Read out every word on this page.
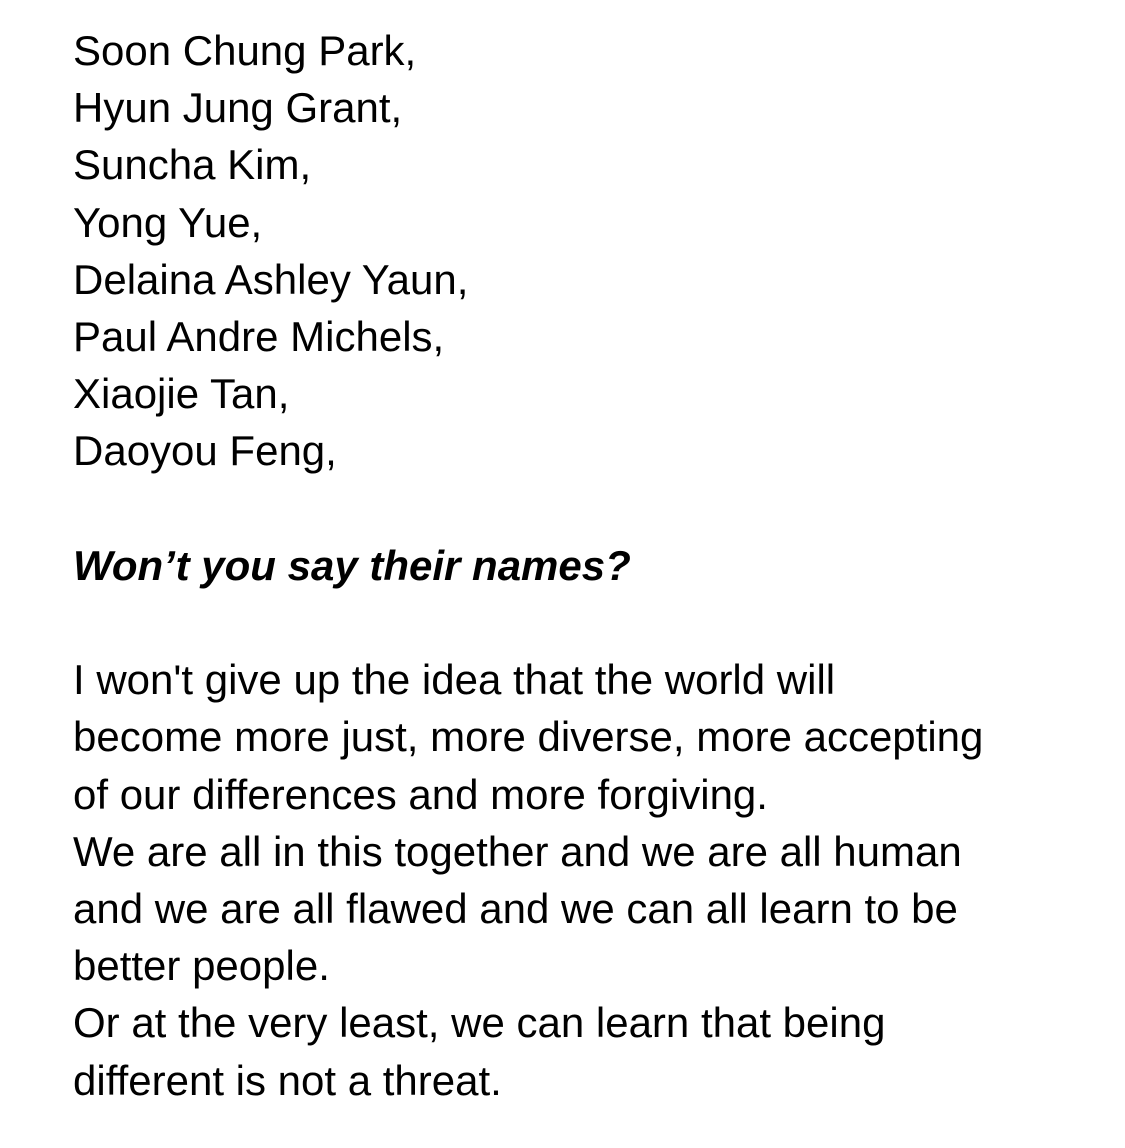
Soon Chung Park,
Hyun Jung Grant,
Suncha Kim,
Yong Yue,
Delaina Ashley Yaun,
Paul Andre Michels,
Xiaojie Tan,
Daoyou Feng,
Won’t you say their names?
I won't give up the idea that the world will
become more just, more diverse, more accepting
of our differences and more forgiving.
We are all in this together and we are all human
and we are all flawed and we can all learn to be
better people.
Or at the very least, we can learn that being
different is not a threat.
